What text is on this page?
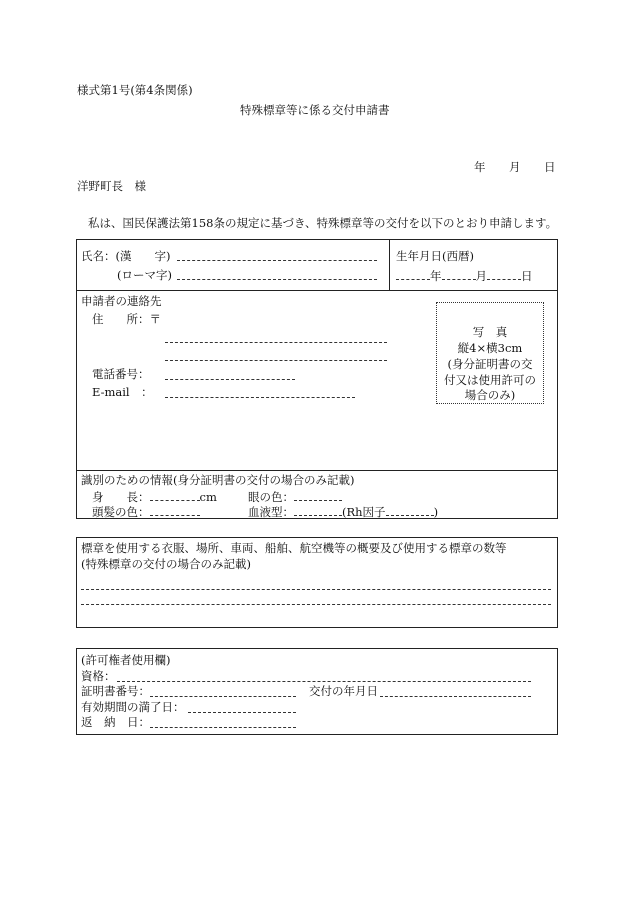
様式第1号(第4条関係)
特殊標章等に係る交付申請書
年 月 日
洋野町長　様
私は、国民保護法第158条の規定に基づき、特殊標章等の交付を以下のとおり申請します。
氏名：(漢　　字)
(ローマ字)
生年月日(西暦)
年	月	日
申請者の連絡先
住　　所：〒
電話番号：
E-mail　：
写　真
縦4×横3cm
(身分証明書の交
付又は使用許可の
場合のみ)
識別のための情報(身分証明書の交付の場合のみ記載)
身　　長：	cm	眼の色：
頭髪の色：	血液型：	(Rh因子	)
標章を使用する衣服、場所、車両、船舶、航空機等の概要及び使用する標章の数等
(特殊標章の交付の場合のみ記載)
(許可権者使用欄)
資格：
証明書番号：	交付の年月日
有効期間の満了日：
返　納　日：
